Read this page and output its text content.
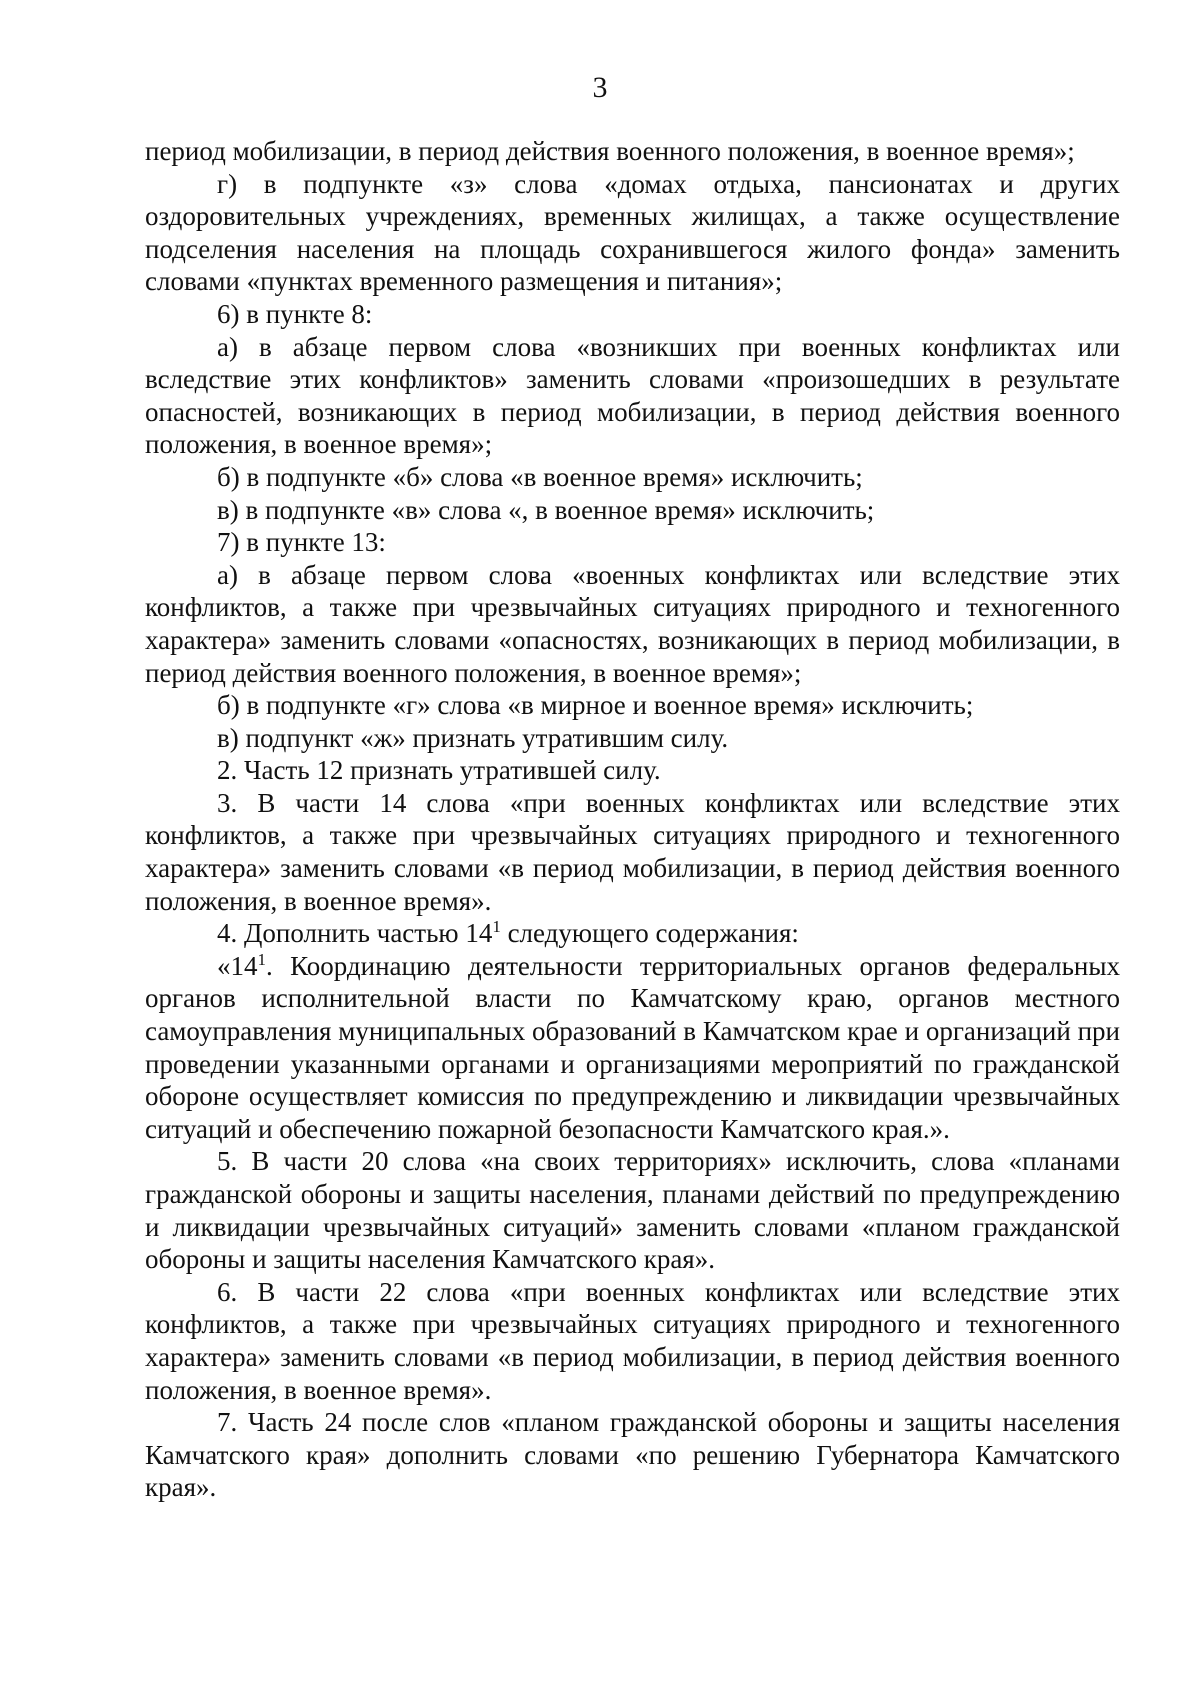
3

период мобилизации, в период действия военного положения, в военное время»;

г) в подпункте «з» слова «домах отдыха, пансионатах и других оздоровительных учреждениях, временных жилищах, а также осуществление подселения населения на площадь сохранившегося жилого фонда» заменить словами «пунктах временного размещения и питания»;

6) в пункте 8:

а) в абзаце первом слова «возникших при военных конфликтах или вследствие этих конфликтов» заменить словами «произошедших в результате опасностей, возникающих в период мобилизации, в период действия военного положения, в военное время»;

б) в подпункте «б» слова «в военное время» исключить;

в) в подпункте «в» слова «, в военное время» исключить;

7) в пункте 13:

а) в абзаце первом слова «военных конфликтах или вследствие этих конфликтов, а также при чрезвычайных ситуациях природного и техногенного характера» заменить словами «опасностях, возникающих в период мобилизации, в период действия военного положения, в военное время»;

б) в подпункте «г» слова «в мирное и военное время» исключить;

в) подпункт «ж» признать утратившим силу.

2. Часть 12 признать утратившей силу.

3. В части 14 слова «при военных конфликтах или вследствие этих конфликтов, а также при чрезвычайных ситуациях природного и техногенного характера» заменить словами «в период мобилизации, в период действия военного положения, в военное время».

4. Дополнить частью $14^1$ следующего содержания:

«$14^1$. Координацию деятельности территориальных органов федеральных органов исполнительной власти по Камчатскому краю, органов местного самоуправления муниципальных образований в Камчатском крае и организаций при проведении указанными органами и организациями мероприятий по гражданской обороне осуществляет комиссия по предупреждению и ликвидации чрезвычайных ситуаций и обеспечению пожарной безопасности Камчатского края.».

5. В части 20 слова «на своих территориях» исключить, слова «планами гражданской обороны и защиты населения, планами действий по предупреждению и ликвидации чрезвычайных ситуаций» заменить словами «планом гражданской обороны и защиты населения Камчатского края».

6. В части 22 слова «при военных конфликтах или вследствие этих конфликтов, а также при чрезвычайных ситуациях природного и техногенного характера» заменить словами «в период мобилизации, в период действия военного положения, в военное время».

7. Часть 24 после слов «планом гражданской обороны и защиты населения Камчатского края» дополнить словами «по решению Губернатора Камчатского края».
